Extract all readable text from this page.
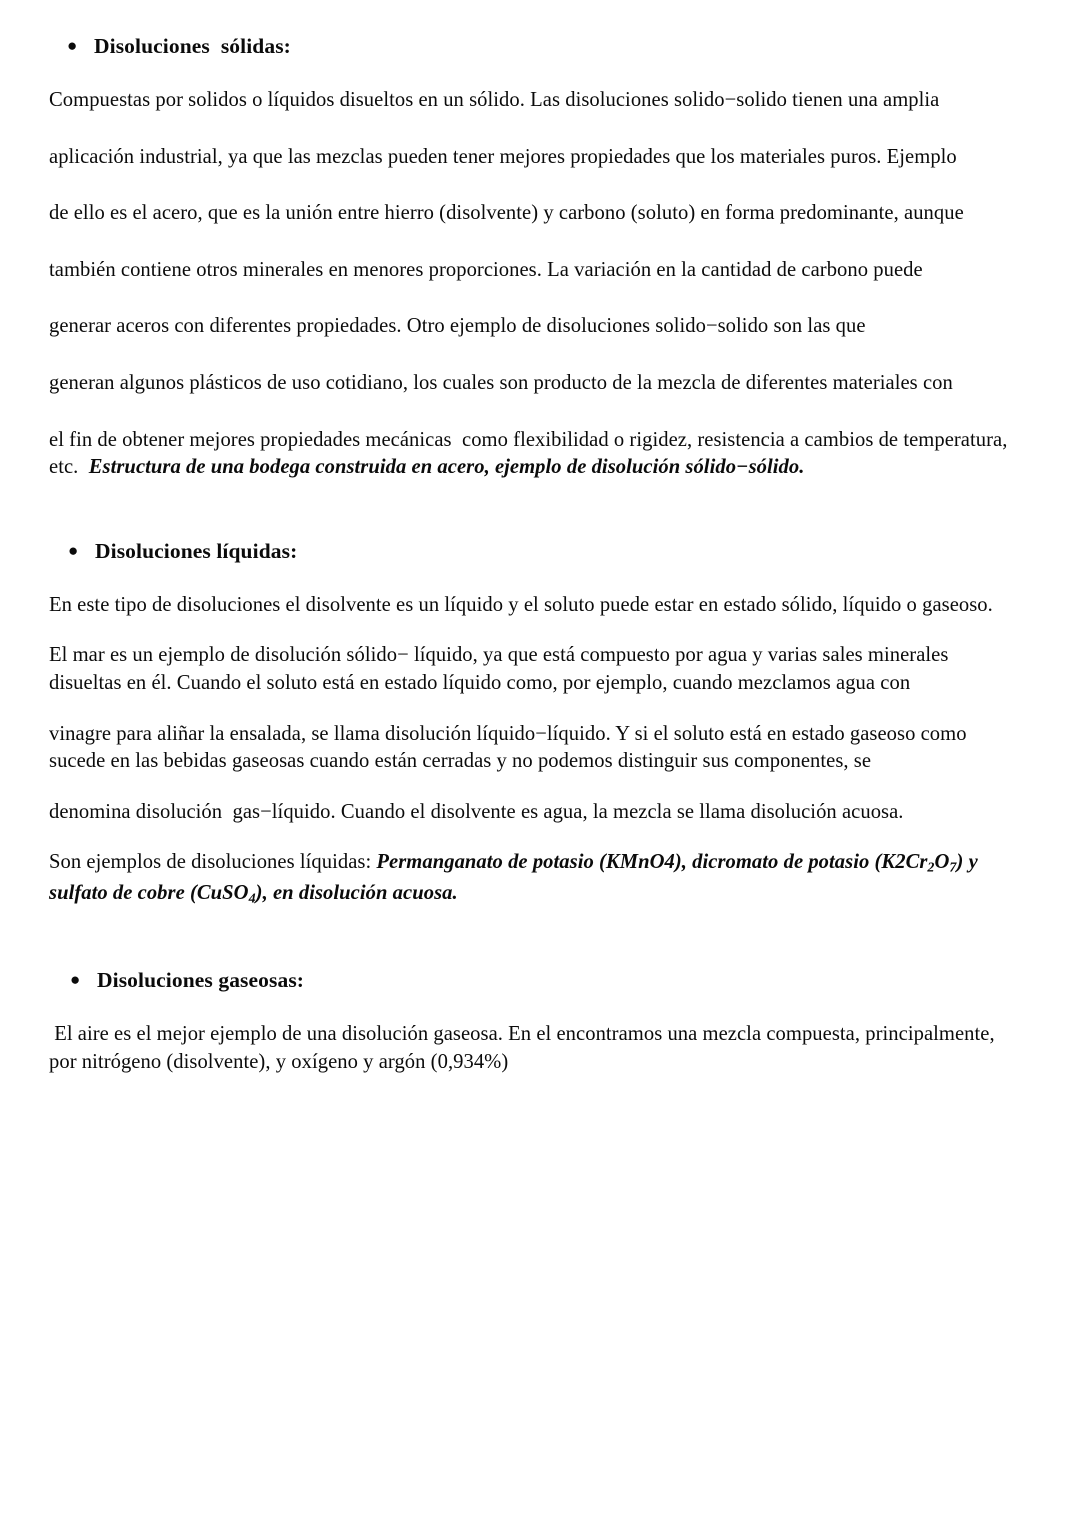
● Disoluciones  sólidas:
Compuestas por solidos o líquidos disueltos en un sólido. Las disoluciones solido−solido tienen una amplia
aplicación industrial, ya que las mezclas pueden tener mejores propiedades que los materiales puros. Ejemplo
de ello es el acero, que es la unión entre hierro (disolvente) y carbono (soluto) en forma predominante, aunque
también contiene otros minerales en menores proporciones. La variación en la cantidad de carbono puede
generar aceros con diferentes propiedades. Otro ejemplo de disoluciones solido−solido son las que
generan algunos plásticos de uso cotidiano, los cuales son producto de la mezcla de diferentes materiales con
el fin de obtener mejores propiedades mecánicas  como flexibilidad o rigidez, resistencia a cambios de temperatura,
etc.  Estructura de una bodega construida en acero, ejemplo de disolución sólido−sólido.
● Disoluciones líquidas:
En este tipo de disoluciones el disolvente es un líquido y el soluto puede estar en estado sólido, líquido o gaseoso.
El mar es un ejemplo de disolución sólido− líquido, ya que está compuesto por agua y varias sales minerales
disueltas en él. Cuando el soluto está en estado líquido como, por ejemplo, cuando mezclamos agua con
vinagre para aliñar la ensalada, se llama disolución líquido−líquido. Y si el soluto está en estado gaseoso como
sucede en las bebidas gaseosas cuando están cerradas y no podemos distinguir sus componentes, se
denomina disolución  gas−líquido. Cuando el disolvente es agua, la mezcla se llama disolución acuosa.
Son ejemplos de disoluciones líquidas: Permanganato de potasio (KMnO4), dicromato de potasio $(K2Cr_2O_7)$ y
sulfato de cobre (CuSO$_4$), en disolución acuosa.
● Disoluciones gaseosas:
El aire es el mejor ejemplo de una disolución gaseosa. En el encontramos una mezcla compuesta, principalmente,
por nitrógeno (disolvente), y oxígeno y argón (0,934%)
